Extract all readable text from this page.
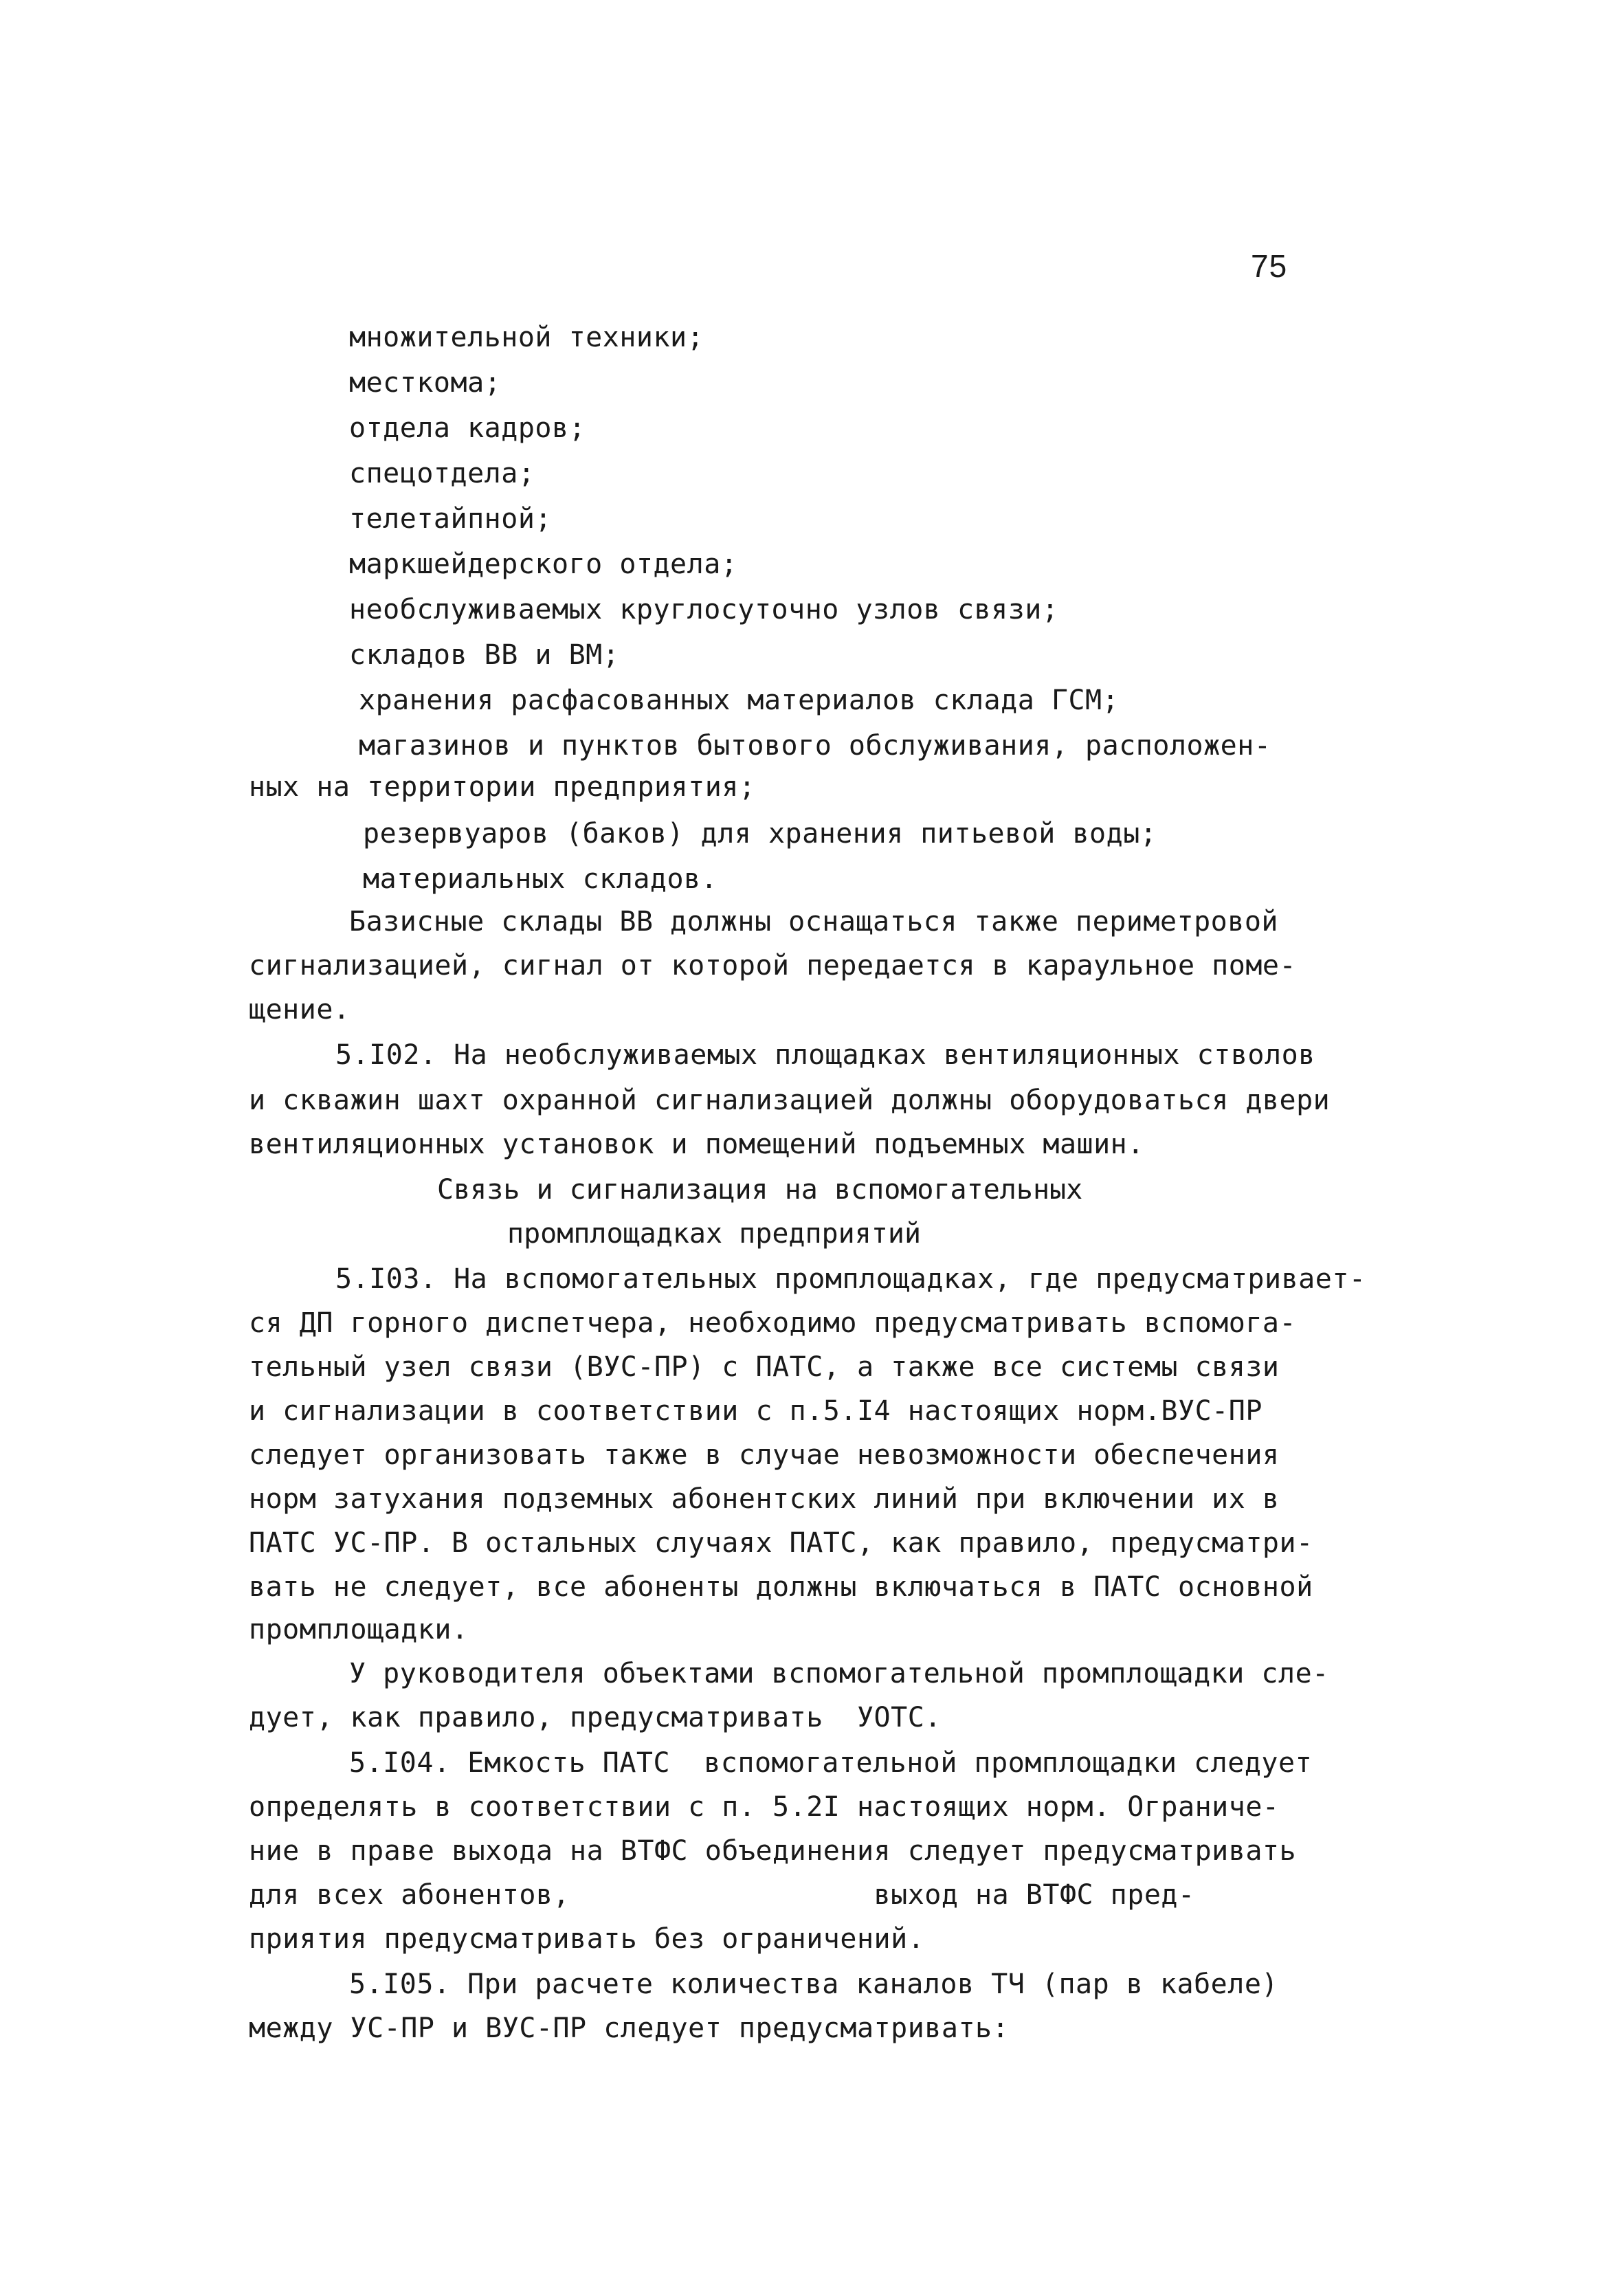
75
множительной техники;
месткома;
отдела кадров;
спецотдела;
телетайпной;
маркшейдерского отдела;
необслуживаемых круглосуточно узлов связи;
складов ВВ и ВМ;
хранения расфасованных материалов склада ГСМ;
магазинов и пунктов бытового обслуживания, расположен-
ных на территории предприятия;
резервуаров (баков) для хранения питьевой воды;
материальных складов.
Базисные склады ВВ должны оснащаться также периметровой
сигнализацией, сигнал от которой передается в караульное поме-
щение.
5.I02. На необслуживаемых площадках вентиляционных стволов
и скважин шахт охранной сигнализацией должны оборудоваться двери
вентиляционных установок и помещений подъемных машин.
Связь и сигнализация на вспомогательных
промплощадках предприятий
5.I03. На вспомогательных промплощадках, где предусматривает-
ся ДП горного диспетчера, необходимо предусматривать вспомога-
тельный узел связи (ВУС-ПР) с ПАТС, а также все системы связи
и сигнализации в соответствии с п.5.I4 настоящих норм.ВУС-ПР
следует организовать также в случае невозможности обеспечения
норм затухания подземных абонентских линий при включении их в
ПАТС УС-ПР. В остальных случаях ПАТС, как правило, предусматри-
вать не следует, все абоненты должны включаться в ПАТС основной
промплощадки.
У руководителя объектами вспомогательной промплощадки сле-
дует, как правило, предусматривать  УОТС.
5.I04. Емкость ПАТС  вспомогательной промплощадки следует
определять в соответствии с п. 5.2I настоящих норм. Ограниче-
ние в праве выхода на ВТФС объединения следует предусматривать
для всех абонентов,                  выход на ВТФС пред-
приятия предусматривать без ограничений.
5.I05. При расчете количества каналов ТЧ (пар в кабеле)
между УС-ПР и ВУС-ПР следует предусматривать:
